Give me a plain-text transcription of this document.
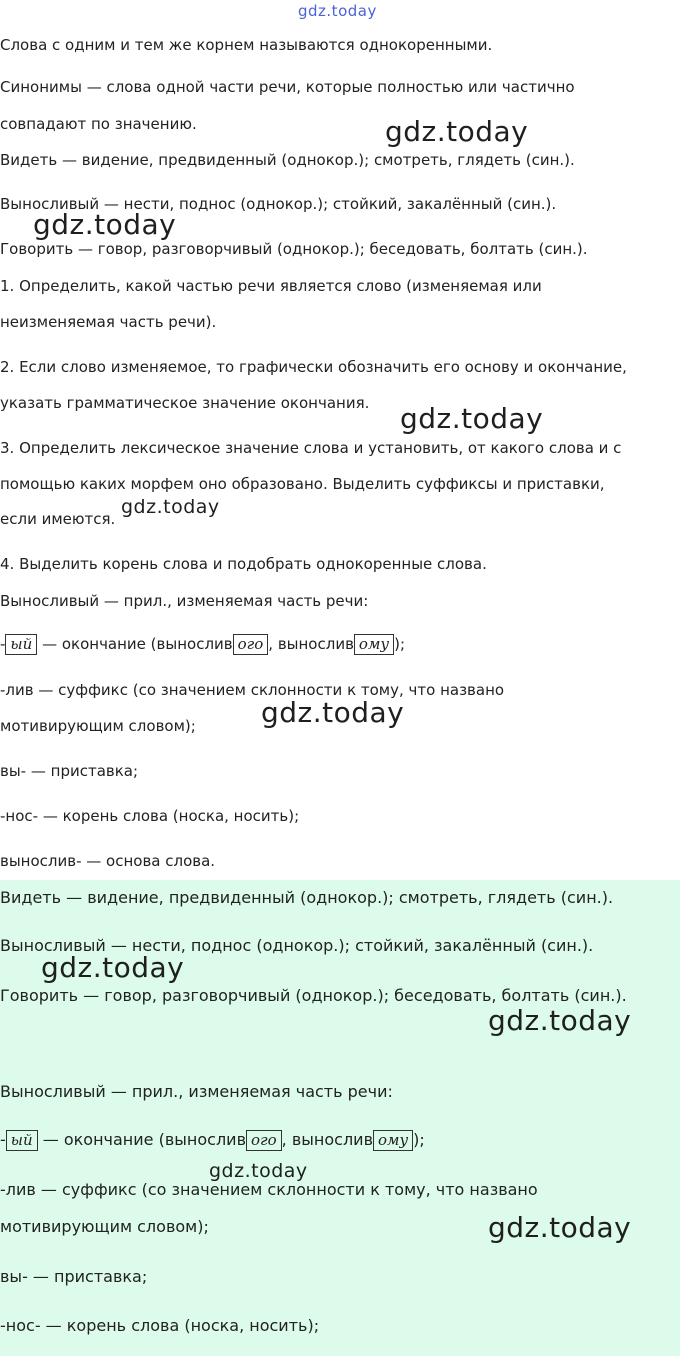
gdz.today

Слова с одним и тем же корнем называются однокоренными.

Синонимы — слова одной части речи, которые полностью или частично

совпадают по значению.

Видеть — видение, предвиденный (однокор.); смотреть, глядеть (син.).

Выносливый — нести, поднос (однокор.); стойкий, закалённый (син.).

Говорить — говор, разговорчивый (однокор.); беседовать, болтать (син.).

1. Определить, какой частью речи является слово (изменяемая или

неизменяемая часть речи).

2. Если слово изменяемое, то графически обозначить его основу и окончание,

указать грамматическое значение окончания.

3. Определить лексическое значение слова и установить, от какого слова и с

помощью каких морфем оно образовано. Выделить суффиксы и приставки,

если имеются.

4. Выделить корень слова и подобрать однокоренные слова.

Выносливый — прил., изменяемая часть речи:

- ый — окончание (вынослив ого , вынослив ому );

-лив — суффикс (со значением склонности к тому, что названо

мотивирующим словом);

вы- — приставка;

-нос- — корень слова (носка, носить);

вынослив- — основа слова.

Видеть — видение, предвиденный (однокор.); смотреть, глядеть (син.).

Выносливый — нести, поднос (однокор.); стойкий, закалённый (син.).

Говорить — говор, разговорчивый (однокор.); беседовать, болтать (син.).

Выносливый — прил., изменяемая часть речи:

- ый — окончание (вынослив ого , вынослив ому );

-лив — суффикс (со значением склонности к тому, что названо

мотивирующим словом);

вы- — приставка;

-нос- — корень слова (носка, носить);

gdz.today
gdz.today
gdz.today
gdz.today
gdz.today
gdz.today
gdz.today
gdz.today
gdz.today
